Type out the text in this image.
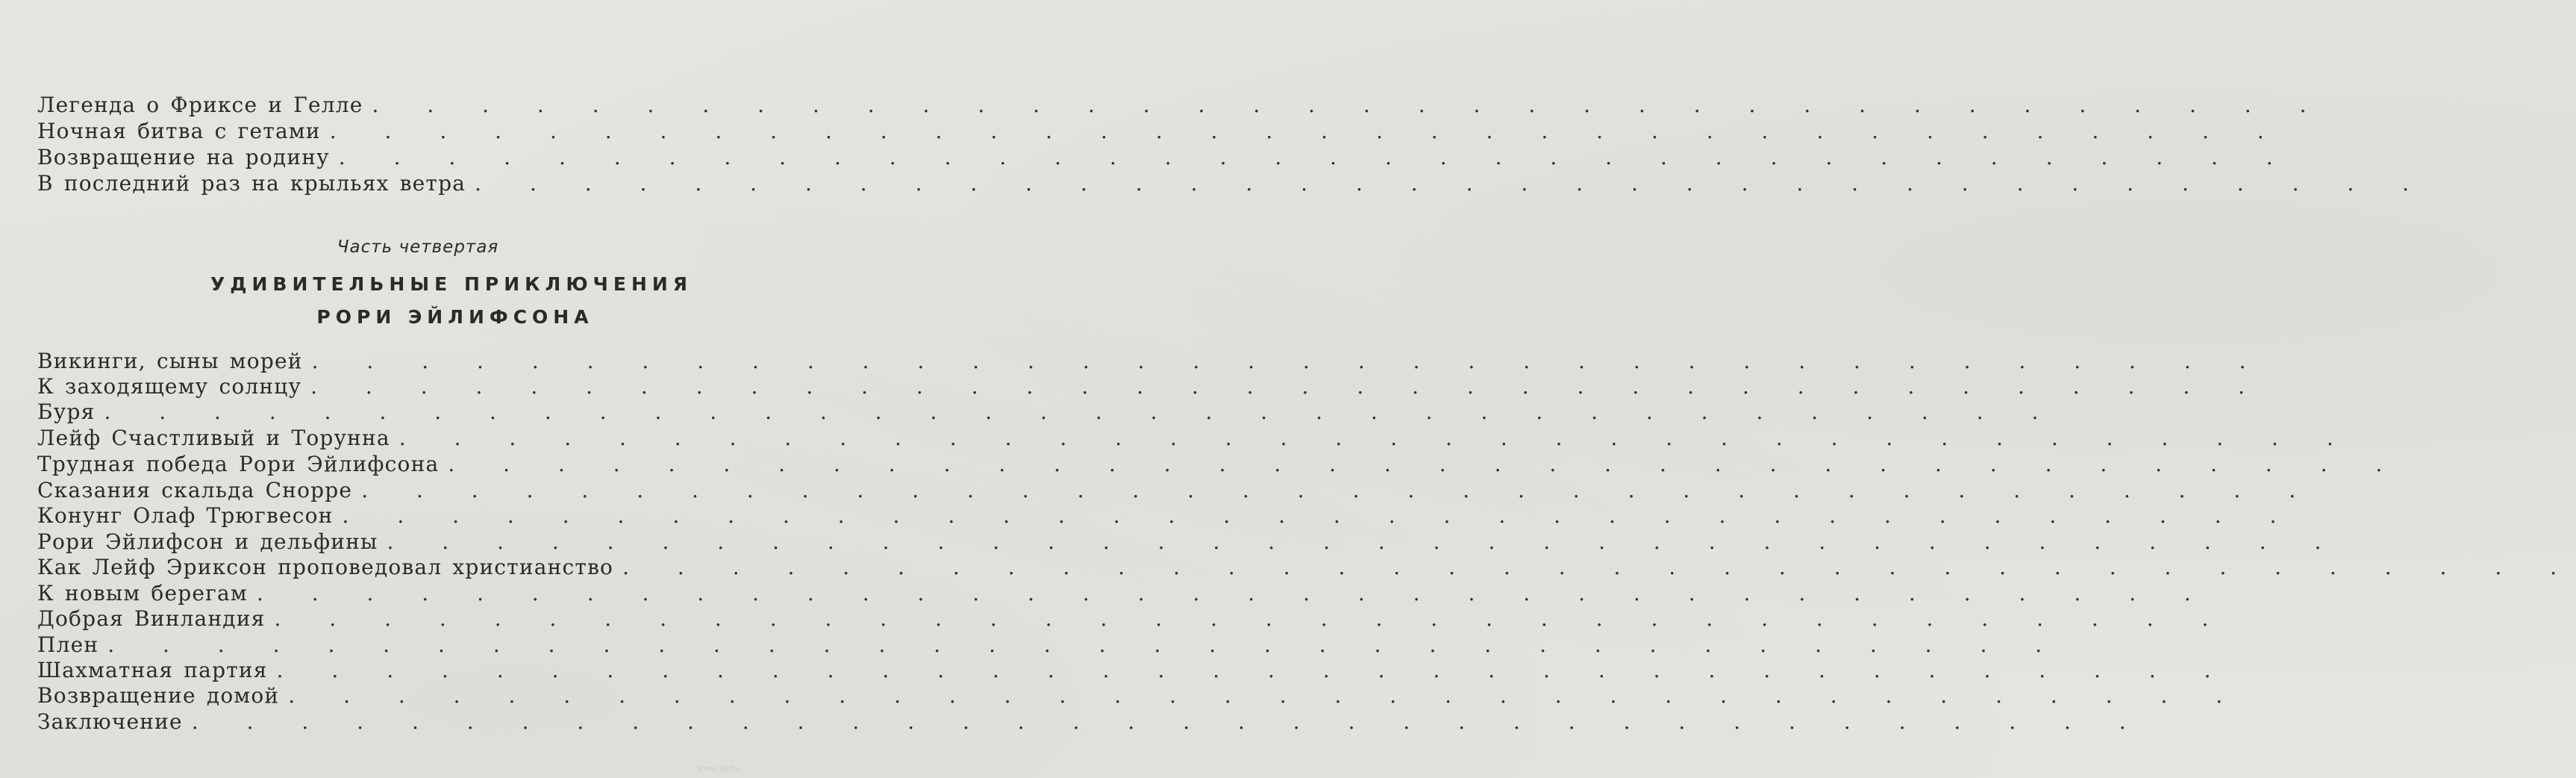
Легенда о Фриксе и Гелле . . . . . . . . . . . . . . . . . . . . . . . . . . . . . . . . . . . .
Ночная битва с гетами . . . . . . . . . . . . . . . . . . . . . . . . . . . . . . . . . . . .
Возвращение на родину . . . . . . . . . . . . . . . . . . . . . . . . . . . . . . . . . . . .
В последний раз на крыльях ветра . . . . . . . . . . . . . . . . . . . . . . . . . . . . . . . . . . . .
Часть четвертая
УДИВИТЕЛЬНЫЕ ПРИКЛЮЧЕНИЯ
РОРИ ЭЙЛИФСОНА
Викинги, сыны морей . . . . . . . . . . . . . . . . . . . . . . . . . . . . . . . . . . . .
К заходящему солнцу . . . . . . . . . . . . . . . . . . . . . . . . . . . . . . . . . . . .
Буря . . . . . . . . . . . . . . . . . . . . . . . . . . . . . . . . . . . .
Лейф Счастливый и Торунна . . . . . . . . . . . . . . . . . . . . . . . . . . . . . . . . . . . .
Трудная победа Рори Эйлифсона . . . . . . . . . . . . . . . . . . . . . . . . . . . . . . . . . . . .
Сказания скальда Снорре . . . . . . . . . . . . . . . . . . . . . . . . . . . . . . . . . . . .
Конунг Олаф Трюгвесон . . . . . . . . . . . . . . . . . . . . . . . . . . . . . . . . . . . .
Рори Эйлифсон и дельфины . . . . . . . . . . . . . . . . . . . . . . . . . . . . . . . . . . . .
Как Лейф Эриксон проповедовал христианство . . . . . . . . . . . . . . . . . . . . . . . . . . . . . . . . . . . .
К новым берегам . . . . . . . . . . . . . . . . . . . . . . . . . . . . . . . . . . . .
Добрая Винландия . . . . . . . . . . . . . . . . . . . . . . . . . . . . . . . . . . . .
Плен . . . . . . . . . . . . . . . . . . . . . . . . . . . . . . . . . . . .
Шахматная партия . . . . . . . . . . . . . . . . . . . . . . . . . . . . . . . . . . . .
Возвращение домой . . . . . . . . . . . . . . . . . . . . . . . . . . . . . . . . . . . .
Заключение . . . . . . . . . . . . . . . . . . . . . . . . . . . . . . . . . . . .
www.ay.by
